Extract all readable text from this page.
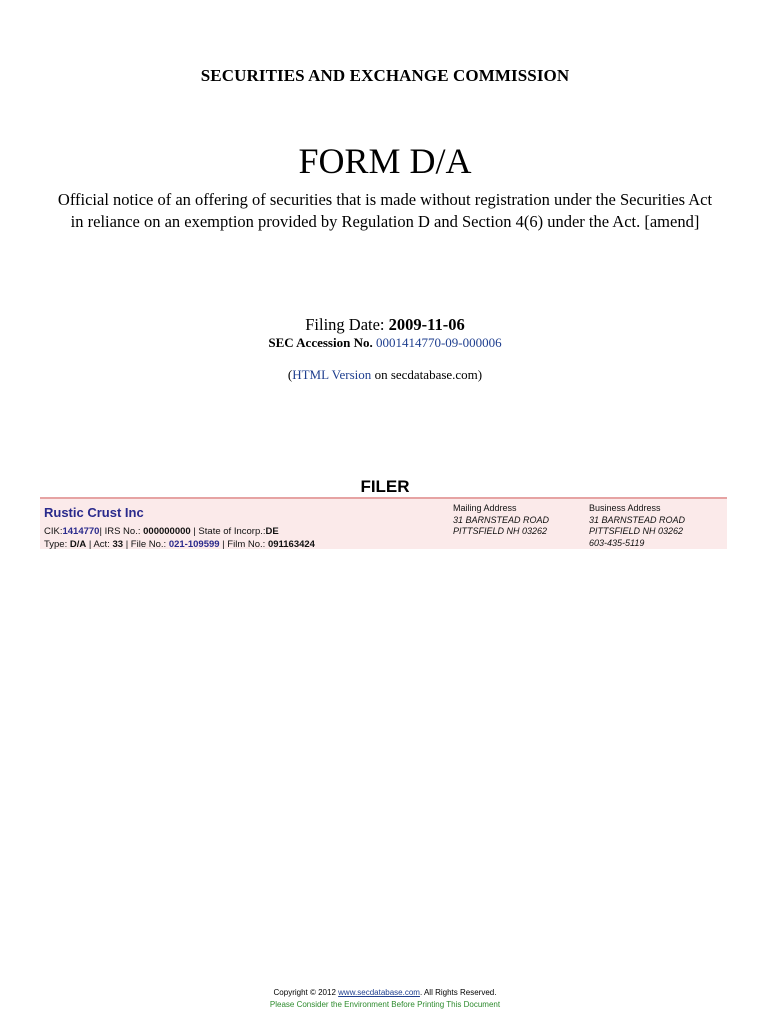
SECURITIES AND EXCHANGE COMMISSION
FORM D/A
Official notice of an offering of securities that is made without registration under the Securities Act
in reliance on an exemption provided by Regulation D and Section 4(6) under the Act. [amend]
Filing Date: 2009-11-06
SEC Accession No. 0001414770-09-000006
(HTML Version on secdatabase.com)
FILER
Rustic Crust Inc
CIK:1414770| IRS No.: 000000000 | State of Incorp.:DE
Type: D/A | Act: 33 | File No.: 021-109599 | Film No.: 091163424
Mailing Address
31 BARNSTEAD ROAD
PITTSFIELD NH 03262
Business Address
31 BARNSTEAD ROAD
PITTSFIELD NH 03262
603-435-5119
Copyright © 2012 www.secdatabase.com. All Rights Reserved.
Please Consider the Environment Before Printing This Document
